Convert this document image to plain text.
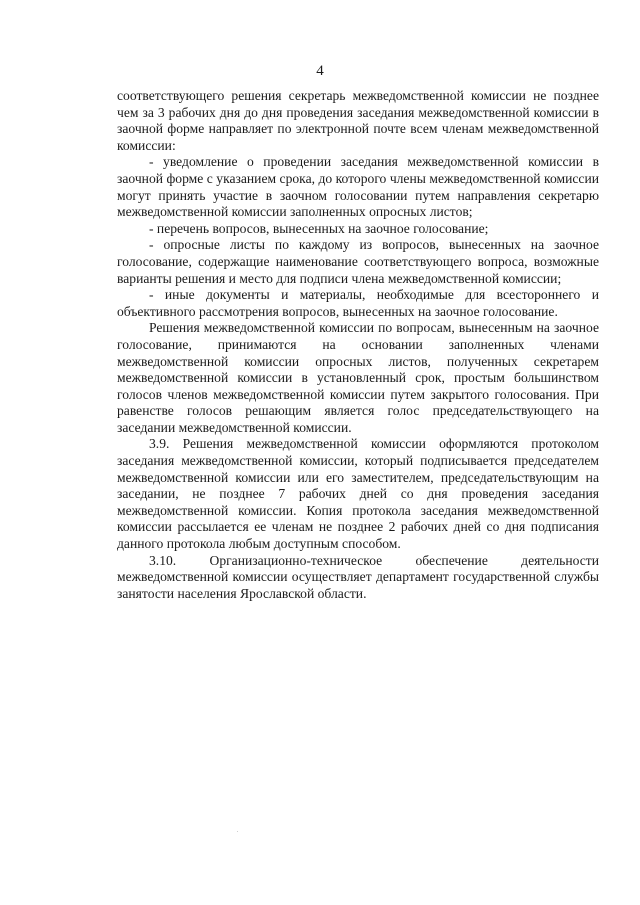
4

соответствующего решения секретарь межведомственной комиссии не позднее чем за 3 рабочих дня до дня проведения заседания межведомственной комиссии в заочной форме направляет по электронной почте всем членам межведомственной комиссии:

- уведомление о проведении заседания межведомственной комиссии в заочной форме с указанием срока, до которого члены межведомственной комиссии могут принять участие в заочном голосовании путем направления секретарю межведомственной комиссии заполненных опросных листов;

- перечень вопросов, вынесенных на заочное голосование;

- опросные листы по каждому из вопросов, вынесенных на заочное голосование, содержащие наименование соответствующего вопроса, возможные варианты решения и место для подписи члена межведомственной комиссии;

- иные документы и материалы, необходимые для всестороннего и объективного рассмотрения вопросов, вынесенных на заочное голосование.

Решения межведомственной комиссии по вопросам, вынесенным на заочное голосование, принимаются на основании заполненных членами межведомственной комиссии опросных листов, полученных секретарем межведомственной комиссии в установленный срок, простым большинством голосов членов межведомственной комиссии путем закрытого голосования. При равенстве голосов решающим является голос председательствующего на заседании межведомственной комиссии.

3.9. Решения межведомственной комиссии оформляются протоколом заседания межведомственной комиссии, который подписывается председателем межведомственной комиссии или его заместителем, председательствующим на заседании, не позднее 7 рабочих дней со дня проведения заседания межведомственной комиссии. Копия протокола заседания межведомственной комиссии рассылается ее членам не позднее 2 рабочих дней со дня подписания данного протокола любым доступным способом.

3.10. Организационно-техническое обеспечение деятельности межведомственной комиссии осуществляет департамент государственной службы занятости населения Ярославской области.
